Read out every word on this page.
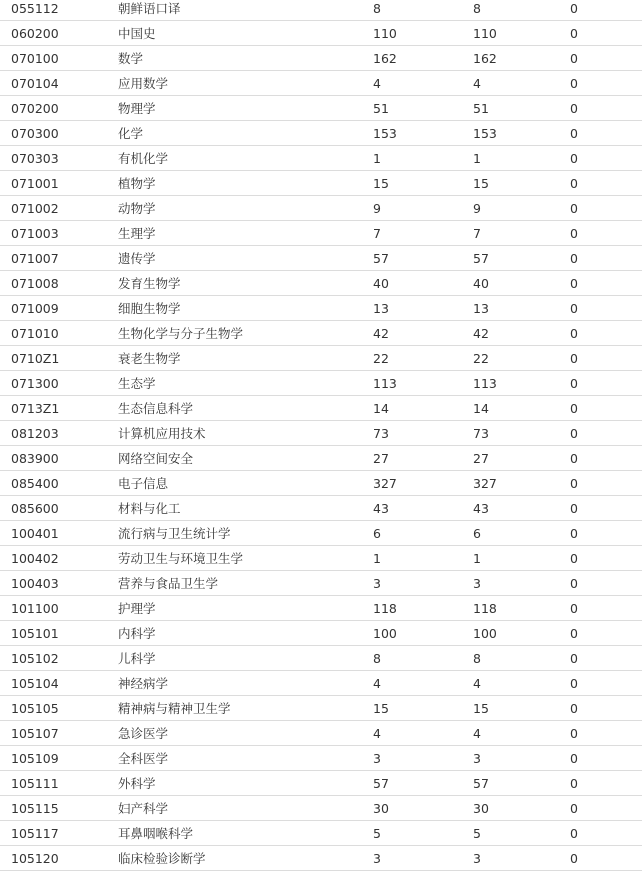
055112	朝鲜语口译	8	8	0
060200	中国史	110	110	0
070100	数学	162	162	0
070104	应用数学	4	4	0
070200	物理学	51	51	0
070300	化学	153	153	0
070303	有机化学	1	1	0
071001	植物学	15	15	0
071002	动物学	9	9	0
071003	生理学	7	7	0
071007	遗传学	57	57	0
071008	发育生物学	40	40	0
071009	细胞生物学	13	13	0
071010	生物化学与分子生物学	42	42	0
0710Z1	衰老生物学	22	22	0
071300	生态学	113	113	0
0713Z1	生态信息科学	14	14	0
081203	计算机应用技术	73	73	0
083900	网络空间安全	27	27	0
085400	电子信息	327	327	0
085600	材料与化工	43	43	0
100401	流行病与卫生统计学	6	6	0
100402	劳动卫生与环境卫生学	1	1	0
100403	营养与食品卫生学	3	3	0
101100	护理学	118	118	0
105101	内科学	100	100	0
105102	儿科学	8	8	0
105104	神经病学	4	4	0
105105	精神病与精神卫生学	15	15	0
105107	急诊医学	4	4	0
105109	全科医学	3	3	0
105111	外科学	57	57	0
105115	妇产科学	30	30	0
105117	耳鼻咽喉科学	5	5	0
105120	临床检验诊断学	3	3	0
